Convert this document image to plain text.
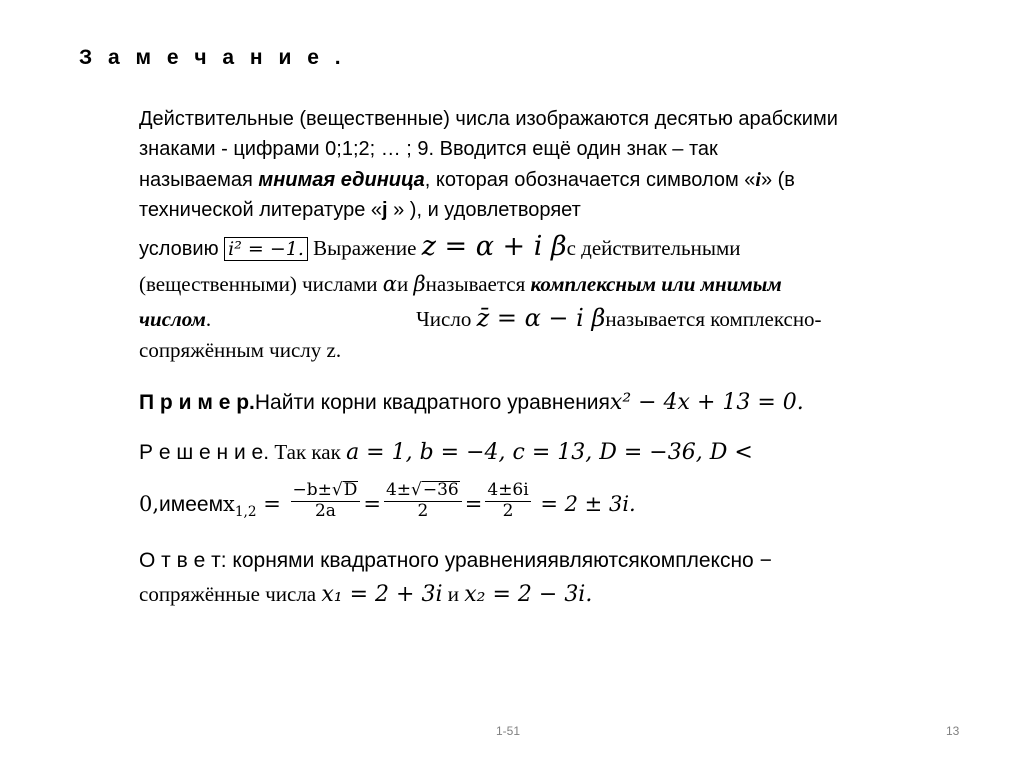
З а м е ч а н и е .
Действительные (вещественные) числа изображаются десятью арабскими
знаками - цифрами 0;1;2; … ; 9. Вводится ещё один знак – так
называемая мнимая единица, которая обозначается символом «i» (в
технической литературе «j » ), и удовлетворяет
условию i² = −1. Выражение z = α + i βс действительными
(вещественными) числами αи βназывается комплексным или мнимым
числом.	Число z̄ = α − i βназывается комплексно-
сопряжённым числу z.
П р и м е р.Найти корни квадратного уравненияx² − 4x + 13 = 0.
Р е ш е н и е. Так как a = 1, b = −4, c = 13, D = −36, D <
0,имеемx$_{1,2}$ = $\frac{-b\pm√D}{2a} = \frac{4\pm√-36}{2} = \frac{4\pm 6i}{2} = 2 \pm 3i$.
О т в е т: корнями квадратного уравненияявляютсякомплексно −
сопряжённые числа x₁ = 2 + 3i и x₂ = 2 − 3i.
1-51	13
